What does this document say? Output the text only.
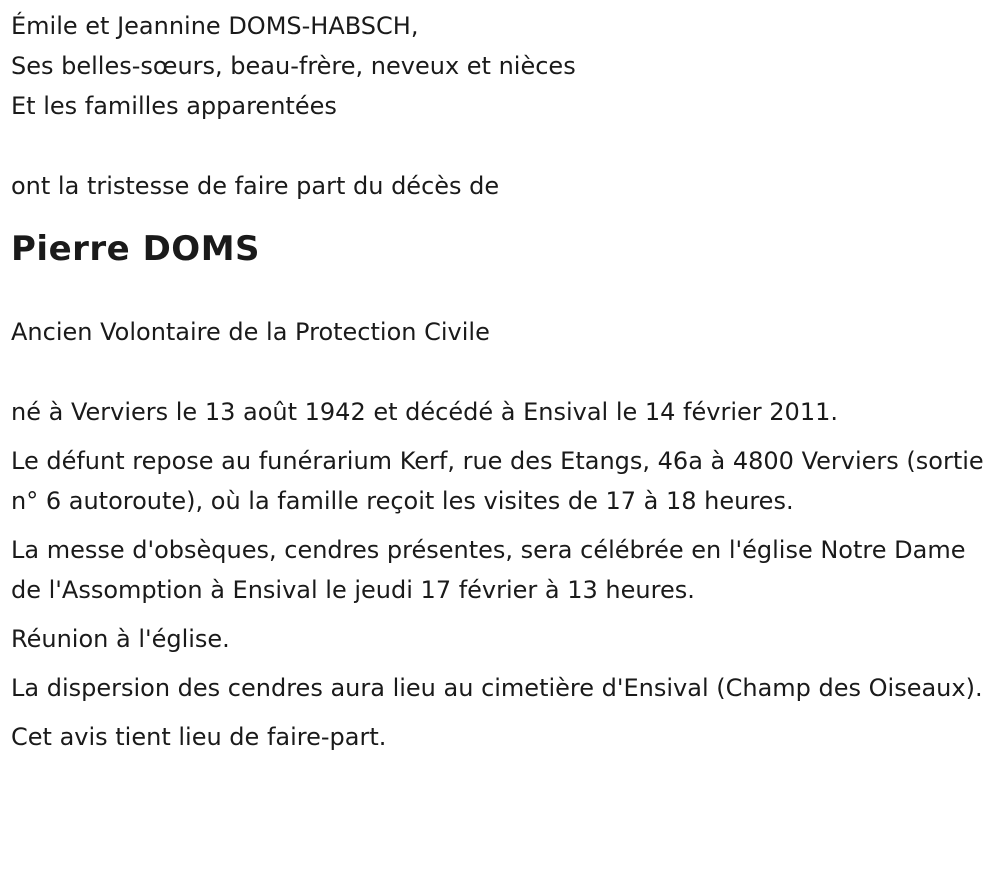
Émile et Jeannine DOMS-HABSCH,

Ses belles-sœurs, beau-frère, neveux et nièces

Et les familles apparentées

ont la tristesse de faire part du décès de

Pierre DOMS

Ancien Volontaire de la Protection Civile

né à Verviers le 13 août 1942 et décédé à Ensival le 14 février 2011.

Le défunt repose au funérarium Kerf, rue des Etangs, 46a à 4800 Verviers (sortie n° 6 autoroute), où la famille reçoit les visites de 17 à 18 heures.

La messe d'obsèques, cendres présentes, sera célébrée en l'église Notre Dame de l'Assomption à Ensival le jeudi 17 février à 13 heures.

Réunion à l'église.

La dispersion des cendres aura lieu au cimetière d'Ensival (Champ des Oiseaux).

Cet avis tient lieu de faire-part.
